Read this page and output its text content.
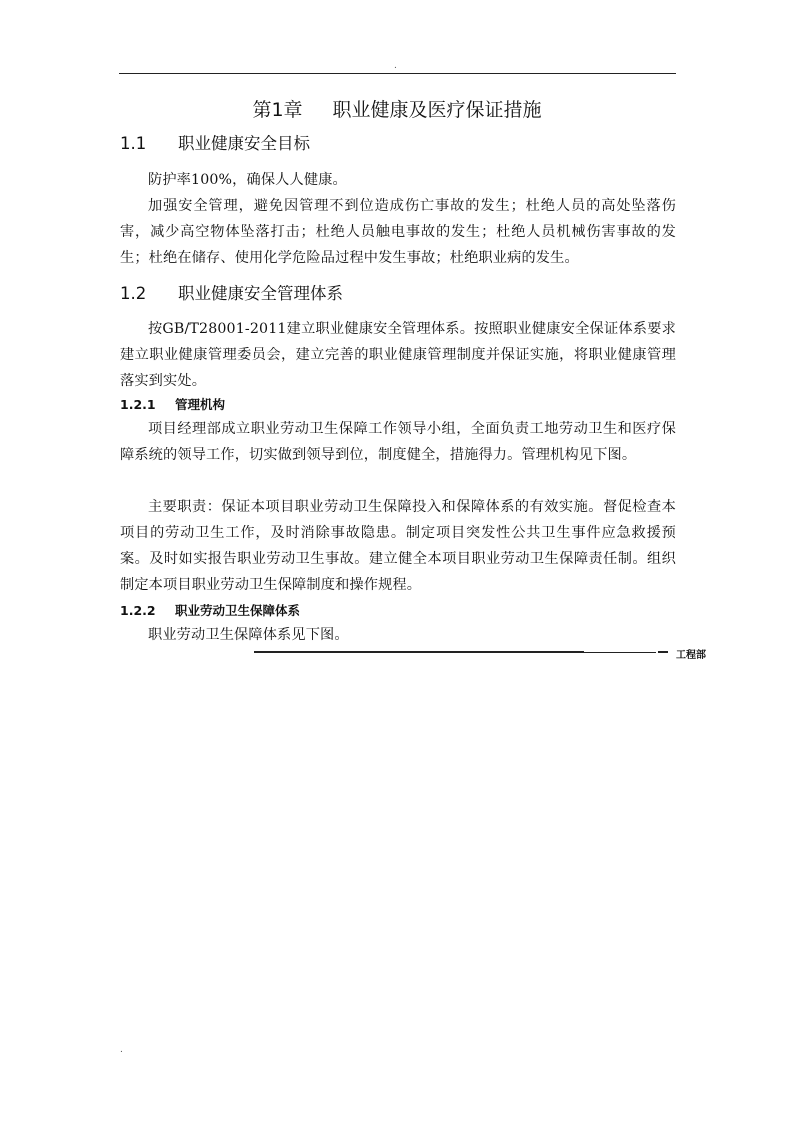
.
第1章 职业健康及医疗保证措施
1.1 职业健康安全目标

防护率100%，确保人人健康。

加强安全管理，避免因管理不到位造成伤亡事故的发生；杜绝人员的高处坠落伤害，减少高空物体坠落打击；杜绝人员触电事故的发生；杜绝人员机械伤害事故的发生；杜绝在储存、使用化学危险品过程中发生事故；杜绝职业病的发生。

1.2 职业健康安全管理体系

按GB/T28001-2011建立职业健康安全管理体系。按照职业健康安全保证体系要求建立职业健康管理委员会，建立完善的职业健康管理制度并保证实施，将职业健康管理落实到实处。

1.2.1 管理机构

项目经理部成立职业劳动卫生保障工作领导小组，全面负责工地劳动卫生和医疗保障系统的领导工作，切实做到领导到位，制度健全，措施得力。管理机构见下图。

主要职责：保证本项目职业劳动卫生保障投入和保障体系的有效实施。督促检查本项目的劳动卫生工作，及时消除事故隐患。制定项目突发性公共卫生事件应急救援预案。及时如实报告职业劳动卫生事故。建立健全本项目职业劳动卫生保障责任制。组织制定本项目职业劳动卫生保障制度和操作规程。

1.2.2 职业劳动卫生保障体系

职业劳动卫生保障体系见下图。

工程部
.
